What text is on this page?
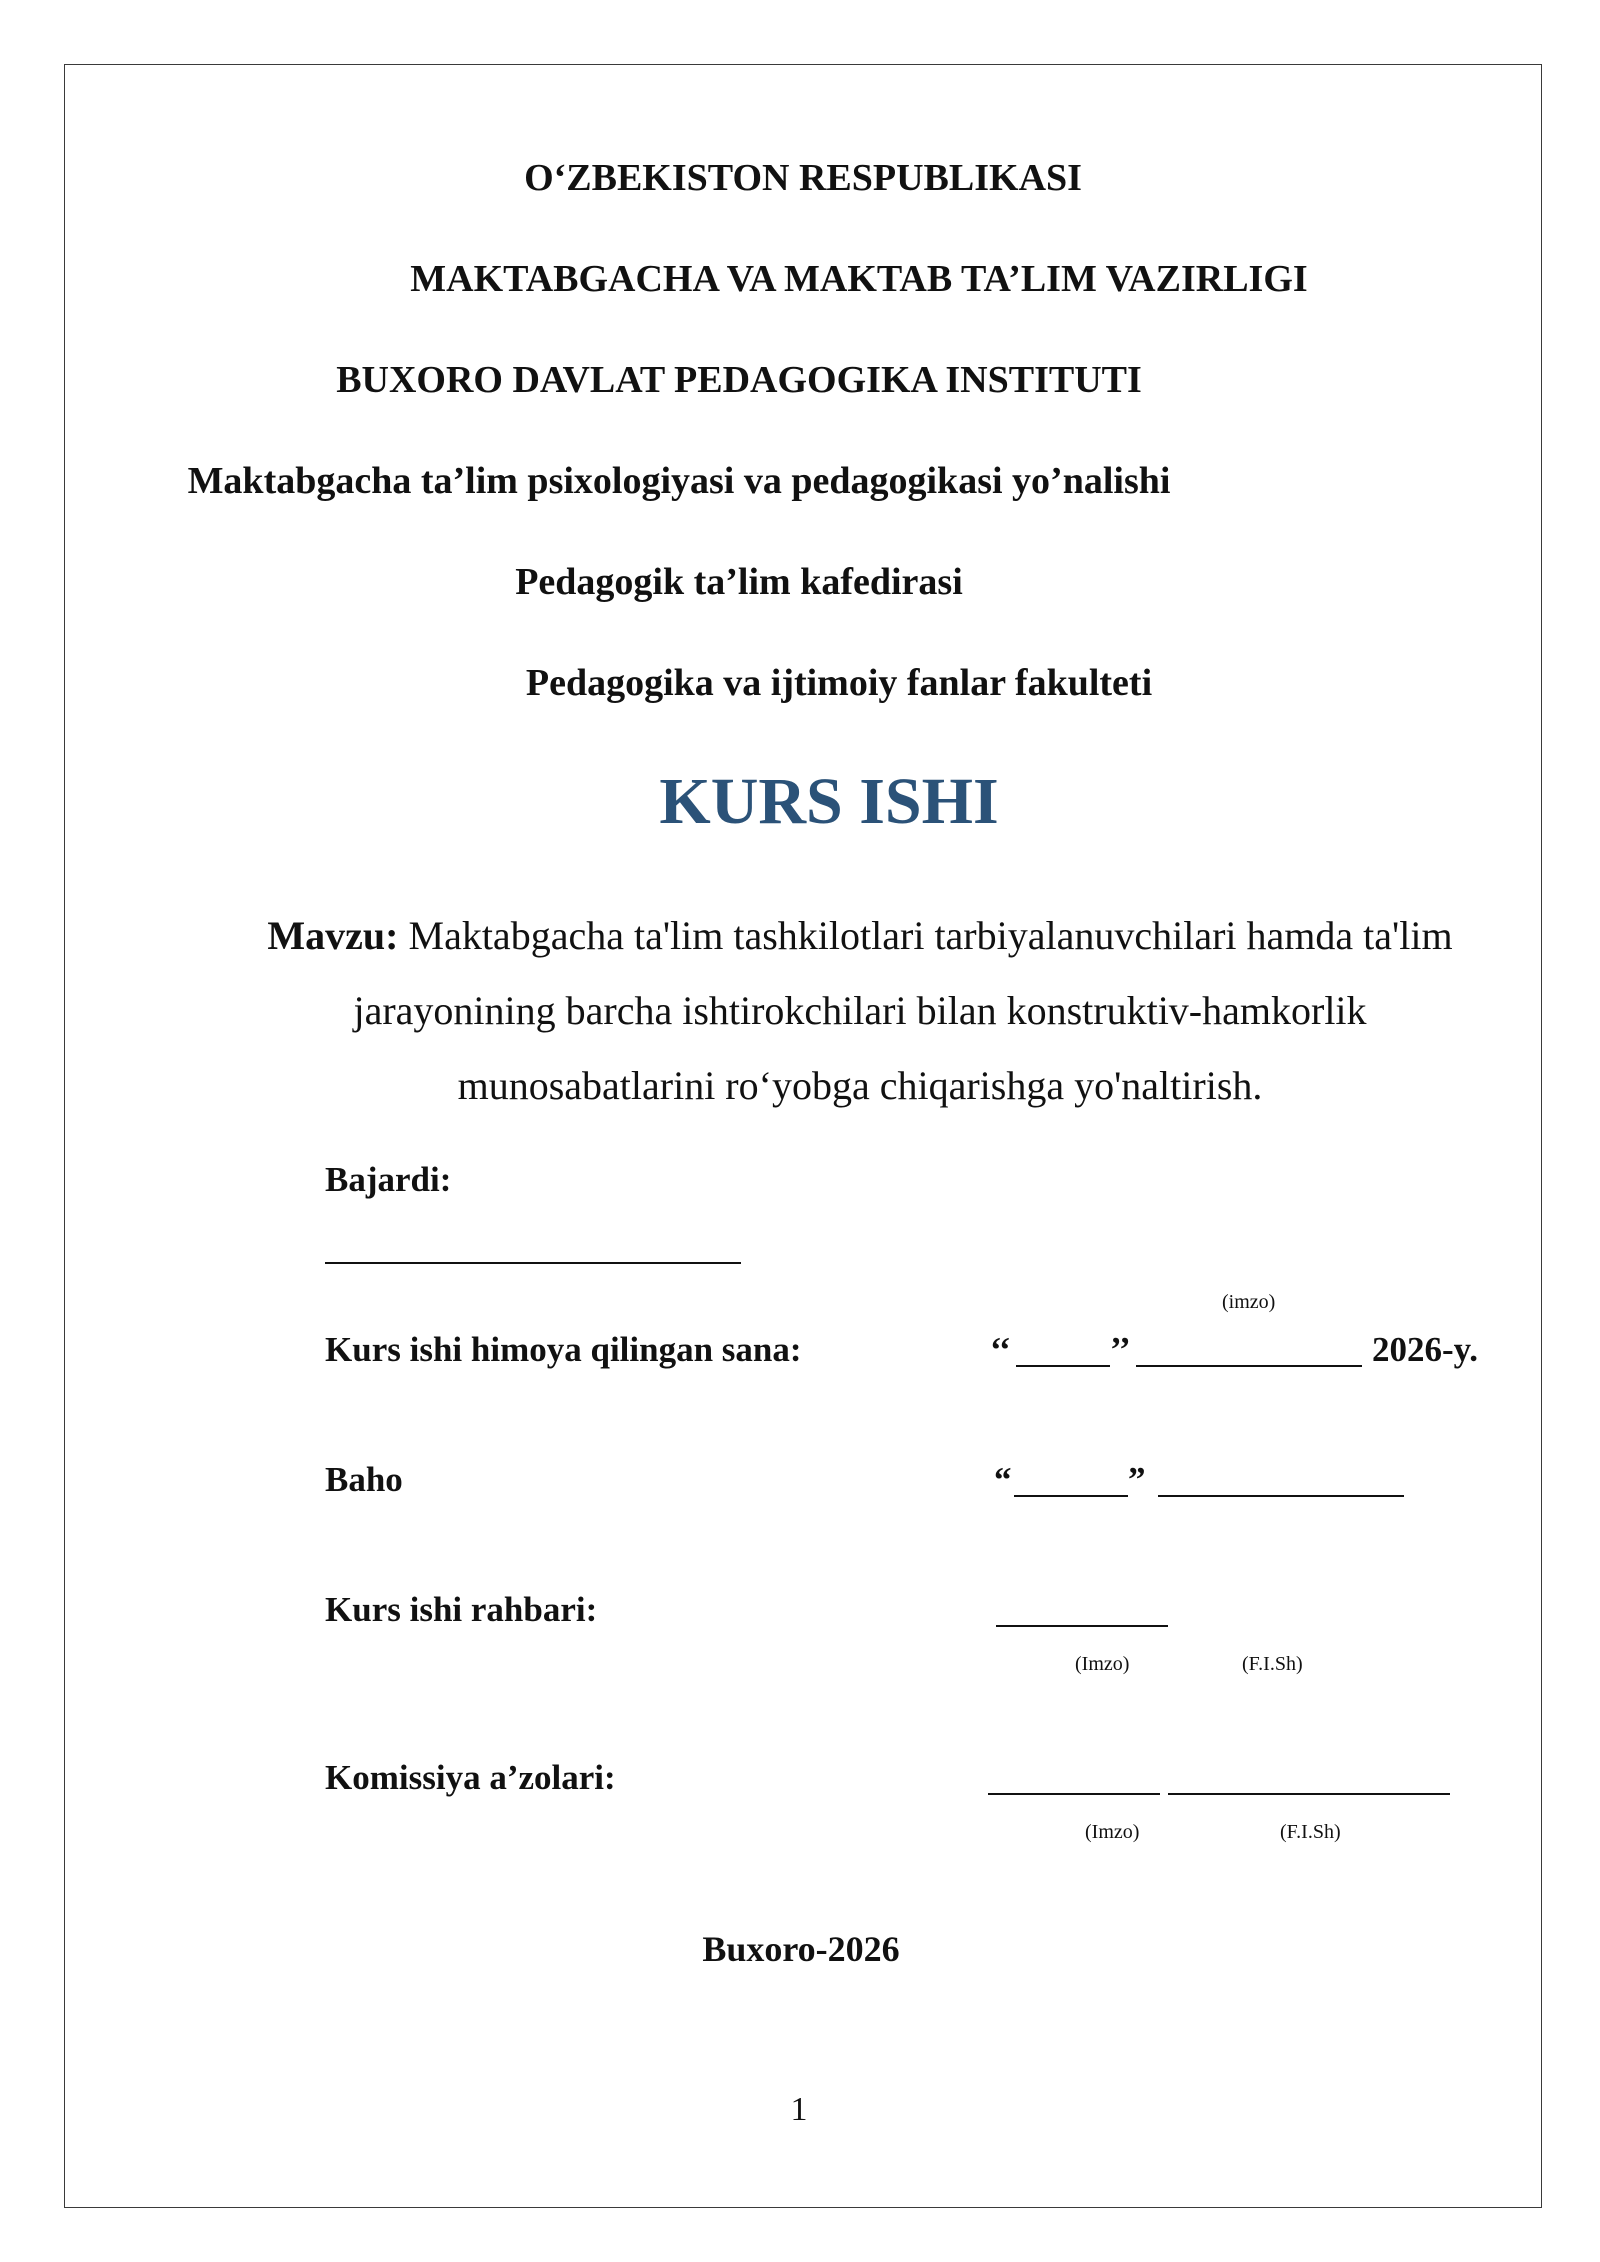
O‘ZBEKISTON RESPUBLIKASI
MAKTABGACHA VA MAKTAB TA’LIM VAZIRLIGI
BUXORO DAVLAT PEDAGOGIKA INSTITUTI
Maktabgacha ta’lim psixologiyasi va pedagogikasi yo’nalishi
Pedagogik ta’lim kafedirasi
Pedagogika va ijtimoiy fanlar fakulteti
KURS ISHI
Mavzu: Maktabgacha ta'lim tashkilotlari tarbiyalanuvchilari hamda ta'lim jarayonining barcha ishtirokchilari bilan konstruktiv-hamkorlik munosabatlarini ro‘yobga chiqarishga yo'naltirish.
Bajardi:
(imzo)
Kurs ishi himoya qilingan sana:	‘‘	’’	2026-y.
Baho	“	”
Kurs ishi rahbari:
(Imzo)	(F.I.Sh)
Komissiya a’zolari:
(Imzo)	(F.I.Sh)
Buxoro-2026
1
